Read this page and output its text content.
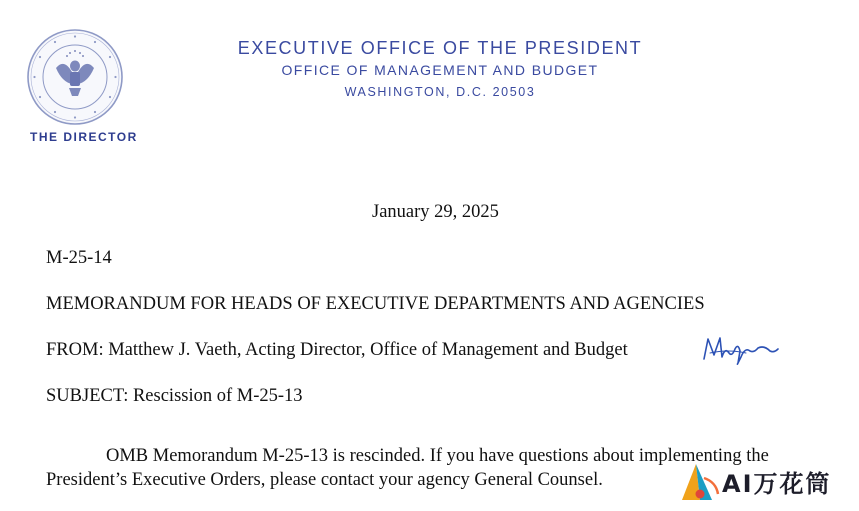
THE DIRECTOR
EXECUTIVE OFFICE OF THE PRESIDENT
OFFICE OF MANAGEMENT AND BUDGET
WASHINGTON, D.C. 20503
January 29, 2025
M-25-14
MEMORANDUM FOR HEADS OF EXECUTIVE DEPARTMENTS AND AGENCIES
FROM: Matthew J. Vaeth, Acting Director, Office of Management and Budget
SUBJECT: Rescission of M-25-13
OMB Memorandum M-25-13 is rescinded. If you have questions about implementing the
President’s Executive Orders, please contact your agency General Counsel.	AI万花筒
